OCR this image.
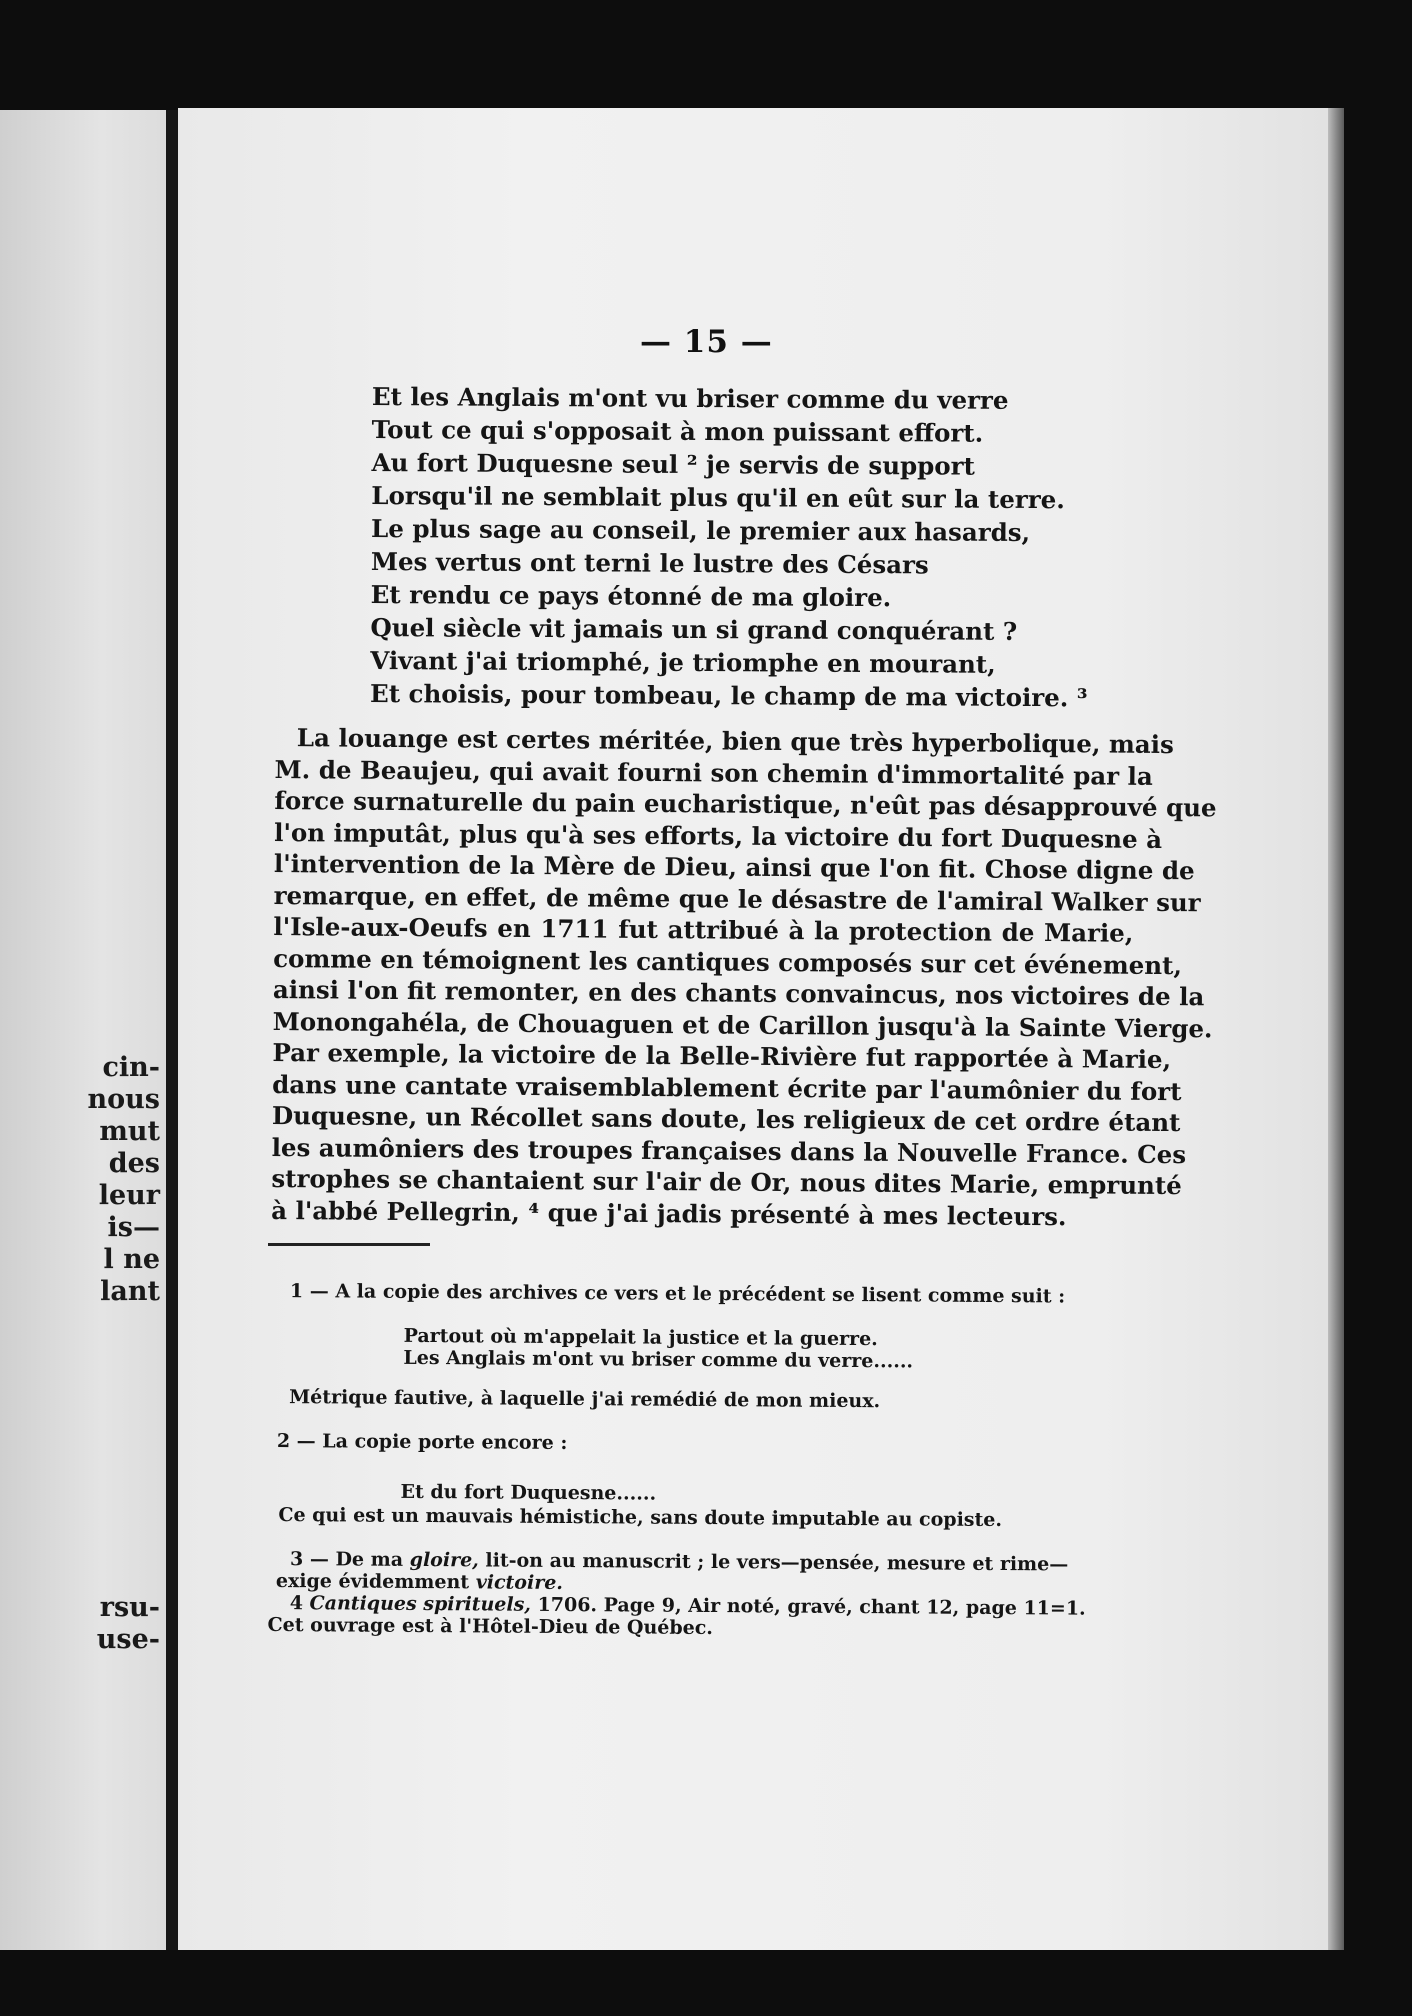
cin-
nous
mut
des
leur
is—
l ne
lant
rsu-
use-
— 15 —
Et les Anglais m'ont vu briser comme du verre
Tout ce qui s'opposait à mon puissant effort.
Au fort Duquesne seul ² je servis de support
Lorsqu'il ne semblait plus qu'il en eût sur la terre.
Le plus sage au conseil, le premier aux hasards,
Mes vertus ont terni le lustre des Césars
Et rendu ce pays étonné de ma gloire.
Quel siècle vit jamais un si grand conquérant ?
Vivant j'ai triomphé, je triomphe en mourant,
Et choisis, pour tombeau, le champ de ma victoire. ³
La louange est certes méritée, bien que très hyperbolique, mais
M. de Beaujeu, qui avait fourni son chemin d'immortalité par la
force surnaturelle du pain eucharistique, n'eût pas désapprouvé que
l'on imputât, plus qu'à ses efforts, la victoire du fort Duquesne à
l'intervention de la Mère de Dieu, ainsi que l'on fit. Chose digne de
remarque, en effet, de même que le désastre de l'amiral Walker sur
l'Isle-aux-Oeufs en 1711 fut attribué à la protection de Marie,
comme en témoignent les cantiques composés sur cet événement,
ainsi l'on fit remonter, en des chants convaincus, nos victoires de la
Monongahéla, de Chouaguen et de Carillon jusqu'à la Sainte Vierge.
Par exemple, la victoire de la Belle-Rivière fut rapportée à Marie,
dans une cantate vraisemblablement écrite par l'aumônier du fort
Duquesne, un Récollet sans doute, les religieux de cet ordre étant
les aumôniers des troupes françaises dans la Nouvelle France. Ces
strophes se chantaient sur l'air de Or, nous dites Marie, emprunté
à l'abbé Pellegrin, ⁴ que j'ai jadis présenté à mes lecteurs.

1 — A la copie des archives ce vers et le précédent se lisent comme suit :

Partout où m'appelait la justice et la guerre.

Les Anglais m'ont vu briser comme du verre......

Métrique fautive, à laquelle j'ai remédié de mon mieux.

2 — La copie porte encore :

Et du fort Duquesne......

Ce qui est un mauvais hémistiche, sans doute imputable au copiste.

3 — De ma gloire, lit-on au manuscrit ; le vers—pensée, mesure et rime—

exige évidemment victoire.

4 Cantiques spirituels, 1706. Page 9, Air noté, gravé, chant 12, page 11=1.

Cet ouvrage est à l'Hôtel-Dieu de Québec.
